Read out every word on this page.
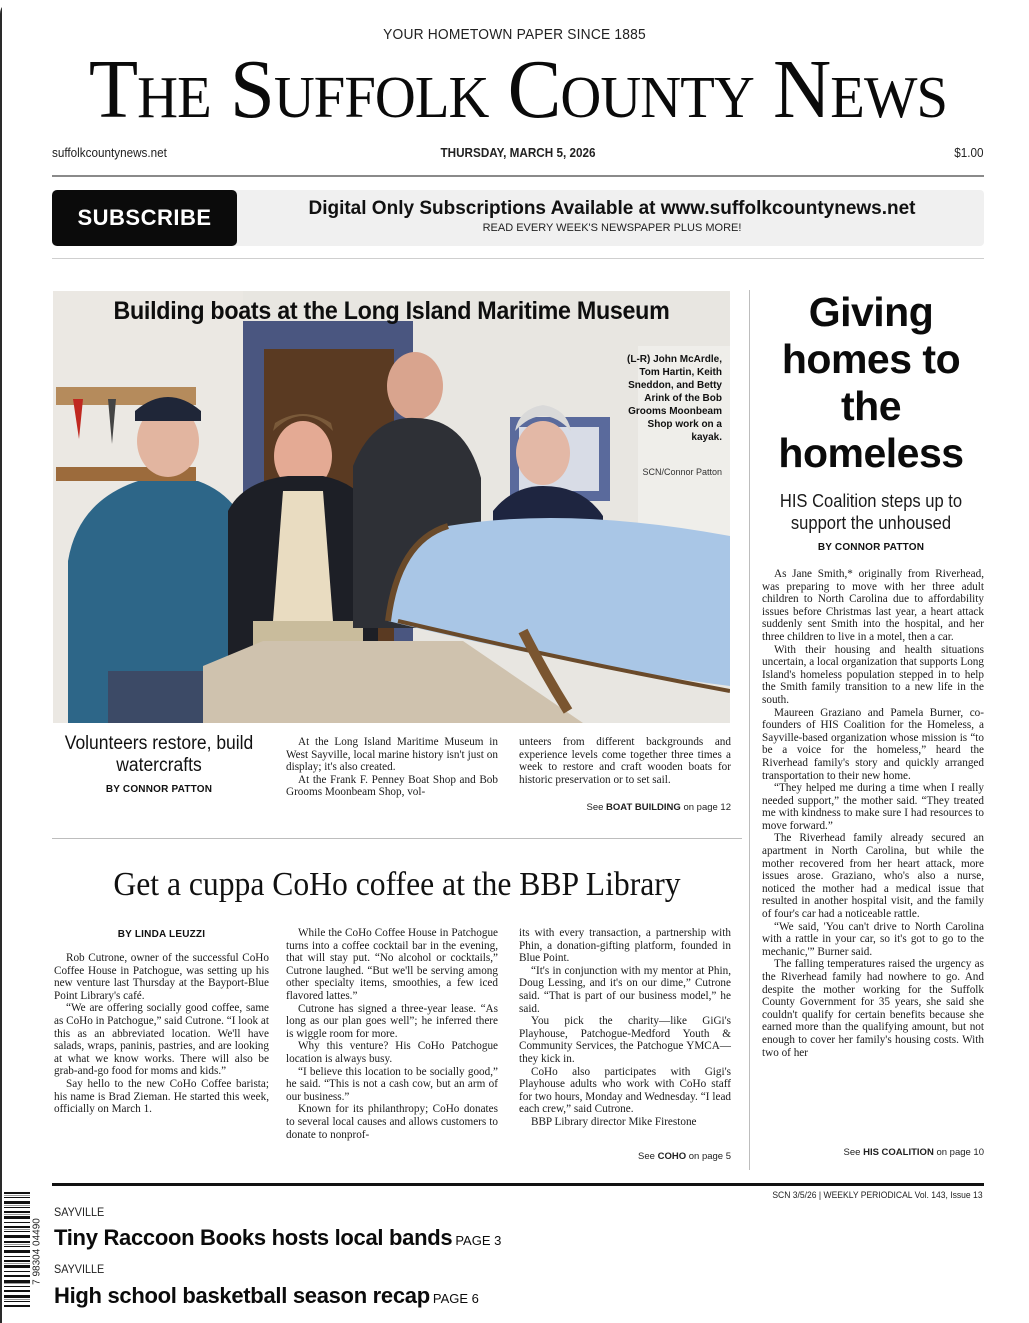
YOUR HOMETOWN PAPER SINCE 1885
The Suffolk County News
suffolkcountynews.net	THURSDAY, MARCH 5, 2026	$1.00
SUBSCRIBE	Digital Only Subscriptions Available at www.suffolkcountynews.net
READ EVERY WEEK'S NEWSPAPER PLUS MORE!
Building boats at the Long Island Maritime Museum
(L-R) John McArdle, Tom Hartin, Keith Sneddon, and Betty Arink of the Bob Grooms Moonbeam Shop work on a kayak.
SCN/Connor Patton
Volunteers restore, build watercrafts
BY CONNOR PATTON

At the Long Island Maritime Museum in West Sayville, local marine history isn't just on display; it's also created.

At the Frank F. Penney Boat Shop and Bob Grooms Moonbeam Shop, vol-

unteers from different backgrounds and experience levels come together three times a week to restore and craft wooden boats for historic preservation or to set sail.

See BOAT BUILDING on page 12
Get a cuppa CoHo coffee at the BBP Library
BY LINDA LEUZZI

Rob Cutrone, owner of the successful CoHo Coffee House in Patchogue, was setting up his new venture last Thursday at the Bayport-Blue Point Library's café.

“We are offering socially good coffee, same as CoHo in Patchogue,” said Cutrone. “I look at this as an abbreviated location. We'll have salads, wraps, paninis, pastries, and are looking at what we know works. There will also be grab-and-go food for moms and kids.”

Say hello to the new CoHo Coffee barista; his name is Brad Zieman. He started this week, officially on March 1.

While the CoHo Coffee House in Patchogue turns into a coffee cocktail bar in the evening, that will stay put. “No alcohol or cocktails,” Cutrone laughed. “But we'll be serving among other specialty items, smoothies, a few iced flavored lattes.”

Cutrone has signed a three-year lease. “As long as our plan goes well”; he inferred there is wiggle room for more.

Why this venture? His CoHo Patchogue location is always busy.

“I believe this location to be socially good,” he said. “This is not a cash cow, but an arm of our business.”

Known for its philanthropy; CoHo donates to several local causes and allows customers to donate to nonprof-

its with every transaction, a partnership with Phin, a donation-gifting platform, founded in Blue Point.

“It's in conjunction with my mentor at Phin, Doug Lessing, and it's on our dime,” Cutrone said. “That is part of our business model,” he said.

You pick the charity—like GiGi's Playhouse, Patchogue-Medford Youth & Community Services, the Patchogue YMCA—they kick in.

CoHo also participates with Gigi's Playhouse adults who work with CoHo staff for two hours, Monday and Wednesday. “I lead each crew,” said Cutrone.

BBP Library director Mike Firestone

See COHO on page 5
Giving homes to the homeless
HIS Coalition steps up to support the unhoused
BY CONNOR PATTON

As Jane Smith,* originally from Riverhead, was preparing to move with her three adult children to North Carolina due to affordability issues before Christmas last year, a heart attack suddenly sent Smith into the hospital, and her three children to live in a motel, then a car.

With their housing and health situations uncertain, a local organization that supports Long Island's homeless population stepped in to help the Smith family transition to a new life in the south.

Maureen Graziano and Pamela Burner, co-founders of HIS Coalition for the Homeless, a Sayville-based organization whose mission is “to be a voice for the homeless,” heard the Riverhead family's story and quickly arranged transportation to their new home.

“They helped me during a time when I really needed support,” the mother said. “They treated me with kindness to make sure I had resources to move forward.”

The Riverhead family already secured an apartment in North Carolina, but while the mother recovered from her heart attack, more issues arose. Graziano, who's also a nurse, noticed the mother had a medical issue that resulted in another hospital visit, and the family of four's car had a noticeable rattle.

“We said, 'You can't drive to North Carolina with a rattle in your car, so it's got to go to the mechanic,'” Burner said.

The falling temperatures raised the urgency as the Riverhead family had nowhere to go. And despite the mother working for the Suffolk County Government for 35 years, she said she couldn't qualify for certain benefits because she earned more than the qualifying amount, but not enough to cover her family's housing costs. With two of her

See HIS COALITION on page 10
SCN 3/5/26 | WEEKLY PERIODICAL Vol. 143, Issue 13
SAYVILLE
Tiny Raccoon Books hosts local bands PAGE 3
SAYVILLE
High school basketball season recap PAGE 6
7 98304 04490
